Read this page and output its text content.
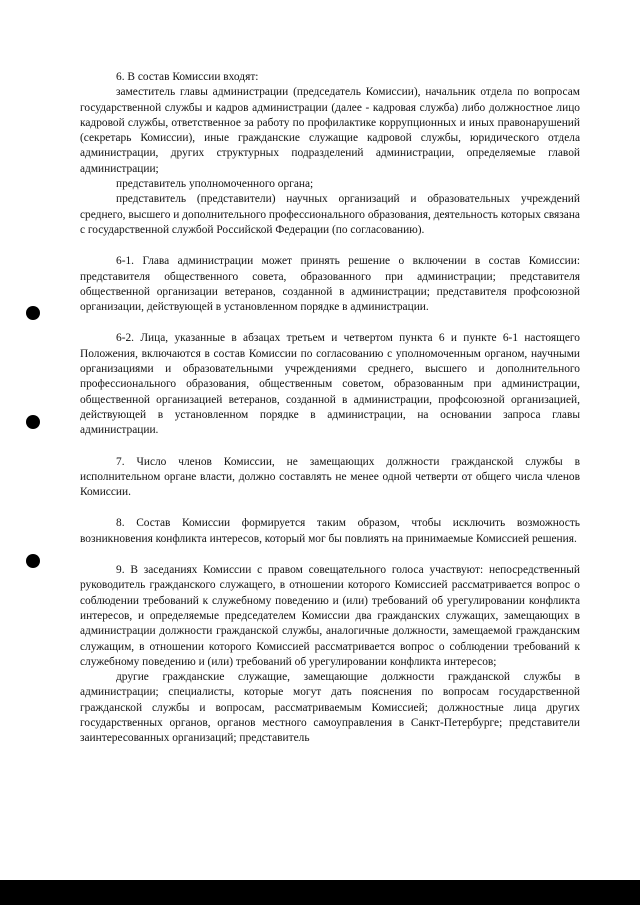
6. В состав Комиссии входят:

заместитель главы администрации (председатель Комиссии), начальник отдела по вопросам государственной службы и кадров администрации (далее - кадровая служба) либо должностное лицо кадровой службы, ответственное за работу по профилактике коррупционных и иных правонарушений (секретарь Комиссии), иные гражданские служащие кадровой службы, юридического отдела администрации, других структурных подразделений администрации, определяемые главой администрации;

представитель уполномоченного органа;

представитель (представители) научных организаций и образовательных учреждений среднего, высшего и дополнительного профессионального образования, деятельность которых связана с государственной службой Российской Федерации (по согласованию).

6-1. Глава администрации может принять решение о включении в состав Комиссии: представителя общественного совета, образованного при администрации; представителя общественной организации ветеранов, созданной в администрации; представителя профсоюзной организации, действующей в установленном порядке в администрации.

6-2. Лица, указанные в абзацах третьем и четвертом пункта 6 и пункте 6-1 настоящего Положения, включаются в состав Комиссии по согласованию с уполномоченным органом, научными организациями и образовательными учреждениями среднего, высшего и дополнительного профессионального образования, общественным советом, образованным при администрации, общественной организацией ветеранов, созданной в администрации, профсоюзной организацией, действующей в установленном порядке в администрации, на основании запроса главы администрации.

7. Число членов Комиссии, не замещающих должности гражданской службы в исполнительном органе власти, должно составлять не менее одной четверти от общего числа членов Комиссии.

8. Состав Комиссии формируется таким образом, чтобы исключить возможность возникновения конфликта интересов, который мог бы повлиять на принимаемые Комиссией решения.

9. В заседаниях Комиссии с правом совещательного голоса участвуют: непосредственный руководитель гражданского служащего, в отношении которого Комиссией рассматривается вопрос о соблюдении требований к служебному поведению и (или) требований об урегулировании конфликта интересов, и определяемые председателем Комиссии два гражданских служащих, замещающих в администрации должности гражданской службы, аналогичные должности, замещаемой гражданским служащим, в отношении которого Комиссией рассматривается вопрос о соблюдении требований к служебному поведению и (или) требований об урегулировании конфликта интересов;

другие гражданские служащие, замещающие должности гражданской службы в администрации; специалисты, которые могут дать пояснения по вопросам государственной гражданской службы и вопросам, рассматриваемым Комиссией; должностные лица других государственных органов, органов местного самоуправления в Санкт-Петербурге; представители заинтересованных организаций; представитель
